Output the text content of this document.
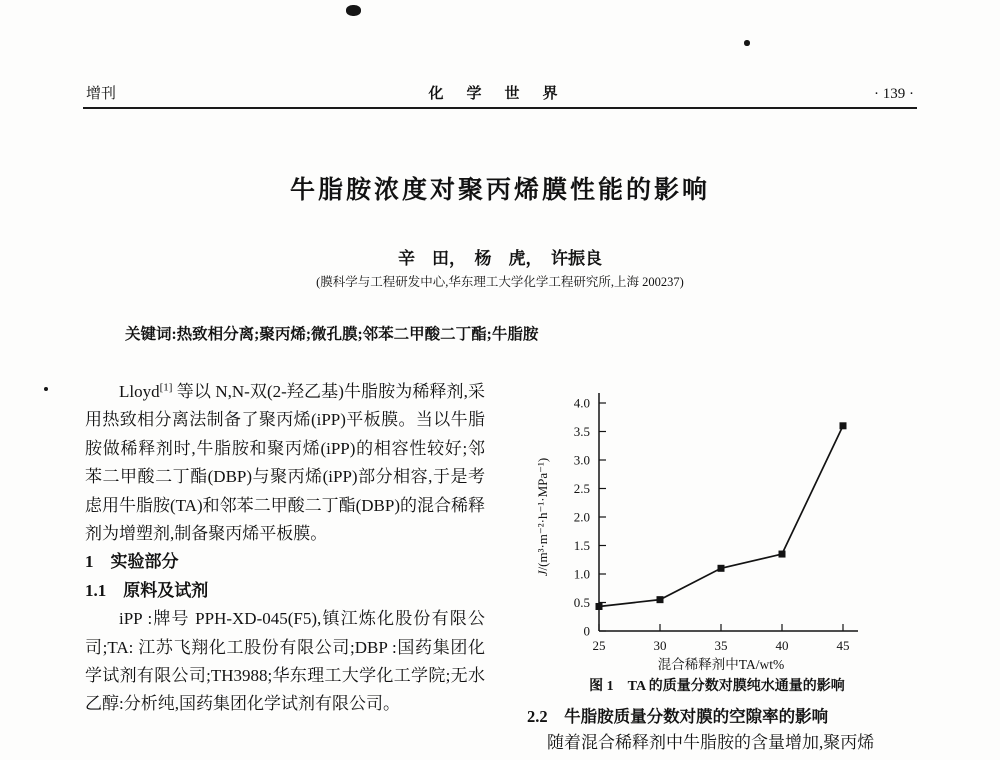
增刊	化　学　世　界	· 139 ·
牛脂胺浓度对聚丙烯膜性能的影响
辛　田，　杨　虎，　许振良
(膜科学与工程研发中心,华东理工大学化学工程研究所,上海 200237)
关键词:热致相分离;聚丙烯;微孔膜;邻苯二甲酸二丁酯;牛脂胺

Lloyd[1] 等以 N,N-双(2-羟乙基)牛脂胺为稀释剂,采用热致相分离法制备了聚丙烯(iPP)平板膜。当以牛脂胺做稀释剂时,牛脂胺和聚丙烯(iPP)的相容性较好;邻苯二甲酸二丁酯(DBP)与聚丙烯(iPP)部分相容,于是考虑用牛脂胺(TA)和邻苯二甲酸二丁酯(DBP)的混合稀释剂为增塑剂,制备聚丙烯平板膜。

1　实验部分
1.1　原料及试剂

iPP :牌号 PPH-XD-045(F5),镇江炼化股份有限公司;TA: 江苏飞翔化工股份有限公司;DBP :国药集团化学试剂有限公司;TH3988;华东理工大学化工学院;无水乙醇:分析纯,国药集团化学试剂有限公司。

0
0.5
1.0
1.5
2.0
2.5
3.0
3.5
4.0
25	30	35	40	45
混合稀释剂中TA/wt%
J/(m³·m⁻²·h⁻¹·MPa⁻¹)
图 1　TA 的质量分数对膜纯水通量的影响
2.2　牛脂胺质量分数对膜的空隙率的影响

随着混合稀释剂中牛脂胺的含量增加,聚丙烯
